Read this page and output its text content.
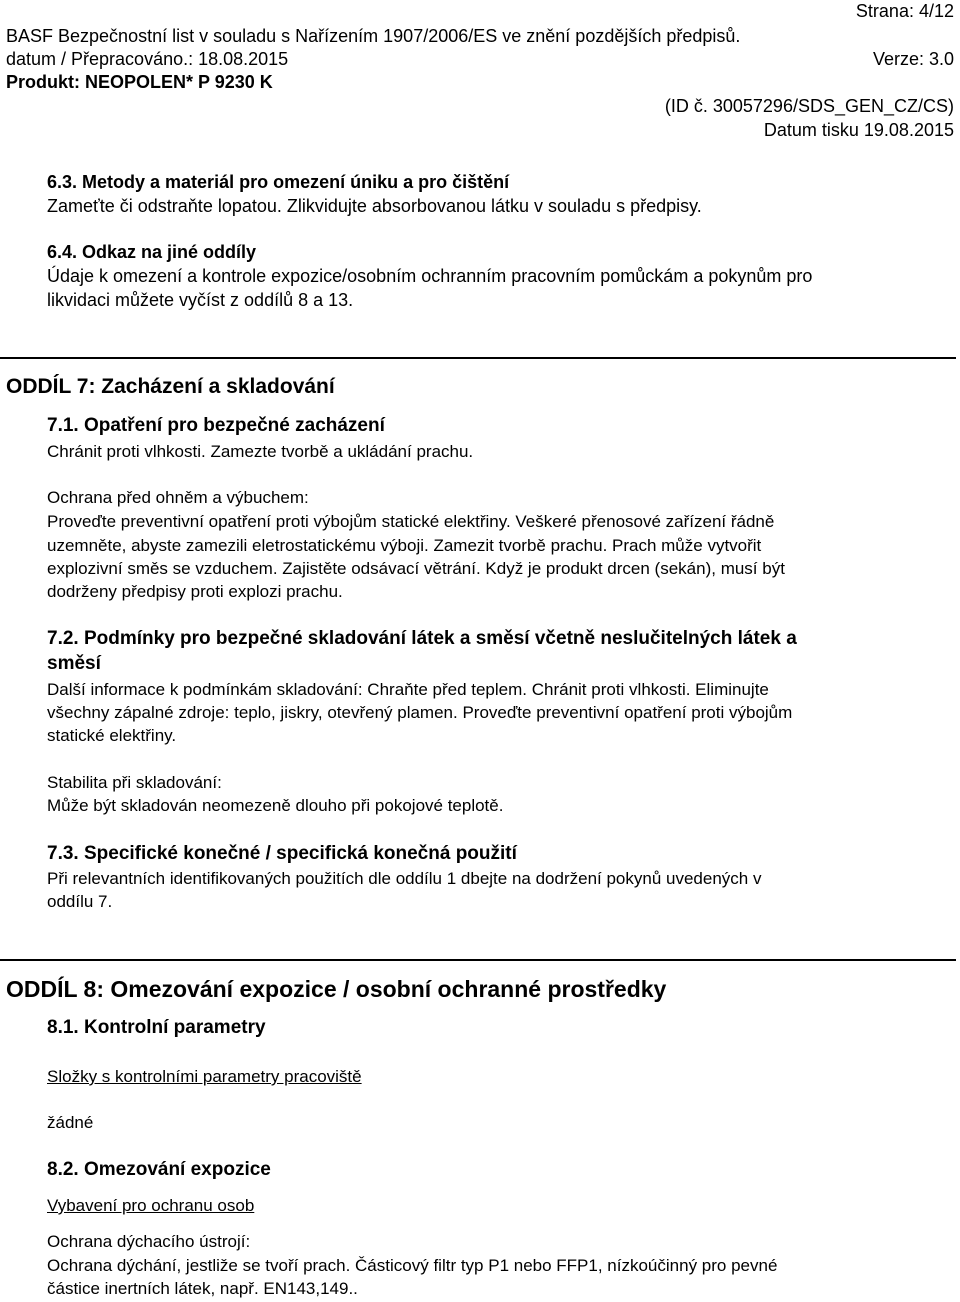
Strana: 4/12
BASF Bezpečnostní list v souladu s Nařízením 1907/2006/ES ve znění pozdějších předpisů.
datum / Přepracováno.: 18.08.2015	Verze: 3.0
Produkt: NEOPOLEN* P 9230 K
(ID č. 30057296/SDS_GEN_CZ/CS)
Datum tisku 19.08.2015
6.3. Metody a materiál pro omezení úniku a pro čištění
Zameťte či odstraňte lopatou. Zlikvidujte absorbovanou látku v souladu s předpisy.
6.4. Odkaz na jiné oddíly
Údaje k omezení a kontrole expozice/osobním ochranním pracovním pomůckám a pokynům pro
likvidaci můžete vyčíst z oddílů 8 a 13.
ODDÍL 7: Zacházení a skladování
7.1. Opatření pro bezpečné zacházení
Chránit proti vlhkosti. Zamezte tvorbě a ukládání prachu.
Ochrana před ohněm a výbuchem:
Proveďte preventivní opatření proti výbojům statické elektřiny. Veškeré přenosové zařízení řádně
uzemněte, abyste zamezili eletrostatickému výboji. Zamezit tvorbě prachu. Prach může vytvořit
explozivní směs se vzduchem. Zajistěte odsávací větrání. Když je produkt drcen (sekán), musí být
dodrženy předpisy proti explozi prachu.
7.2. Podmínky pro bezpečné skladování látek a směsí včetně neslučitelných látek a
směsí
Další informace k podmínkám skladování: Chraňte před teplem. Chránit proti vlhkosti. Eliminujte
všechny zápalné zdroje: teplo, jiskry, otevřený plamen. Proveďte preventivní opatření proti výbojům
statické elektřiny.
Stabilita při skladování:
Může být skladován neomezeně dlouho při pokojové teplotě.
7.3. Specifické konečné / specifická konečná použití
Při relevantních identifikovaných použitích dle oddílu 1 dbejte na dodržení pokynů uvedených v
oddílu 7.
ODDÍL 8: Omezování expozice / osobní ochranné prostředky
8.1. Kontrolní parametry
Složky s kontrolními parametry pracoviště
žádné
8.2. Omezování expozice
Vybavení pro ochranu osob
Ochrana dýchacího ústrojí:
Ochrana dýchání, jestliže se tvoří prach. Částicový filtr typ P1 nebo FFP1, nízkoúčinný pro pevné
částice inertních látek, např. EN143,149..
